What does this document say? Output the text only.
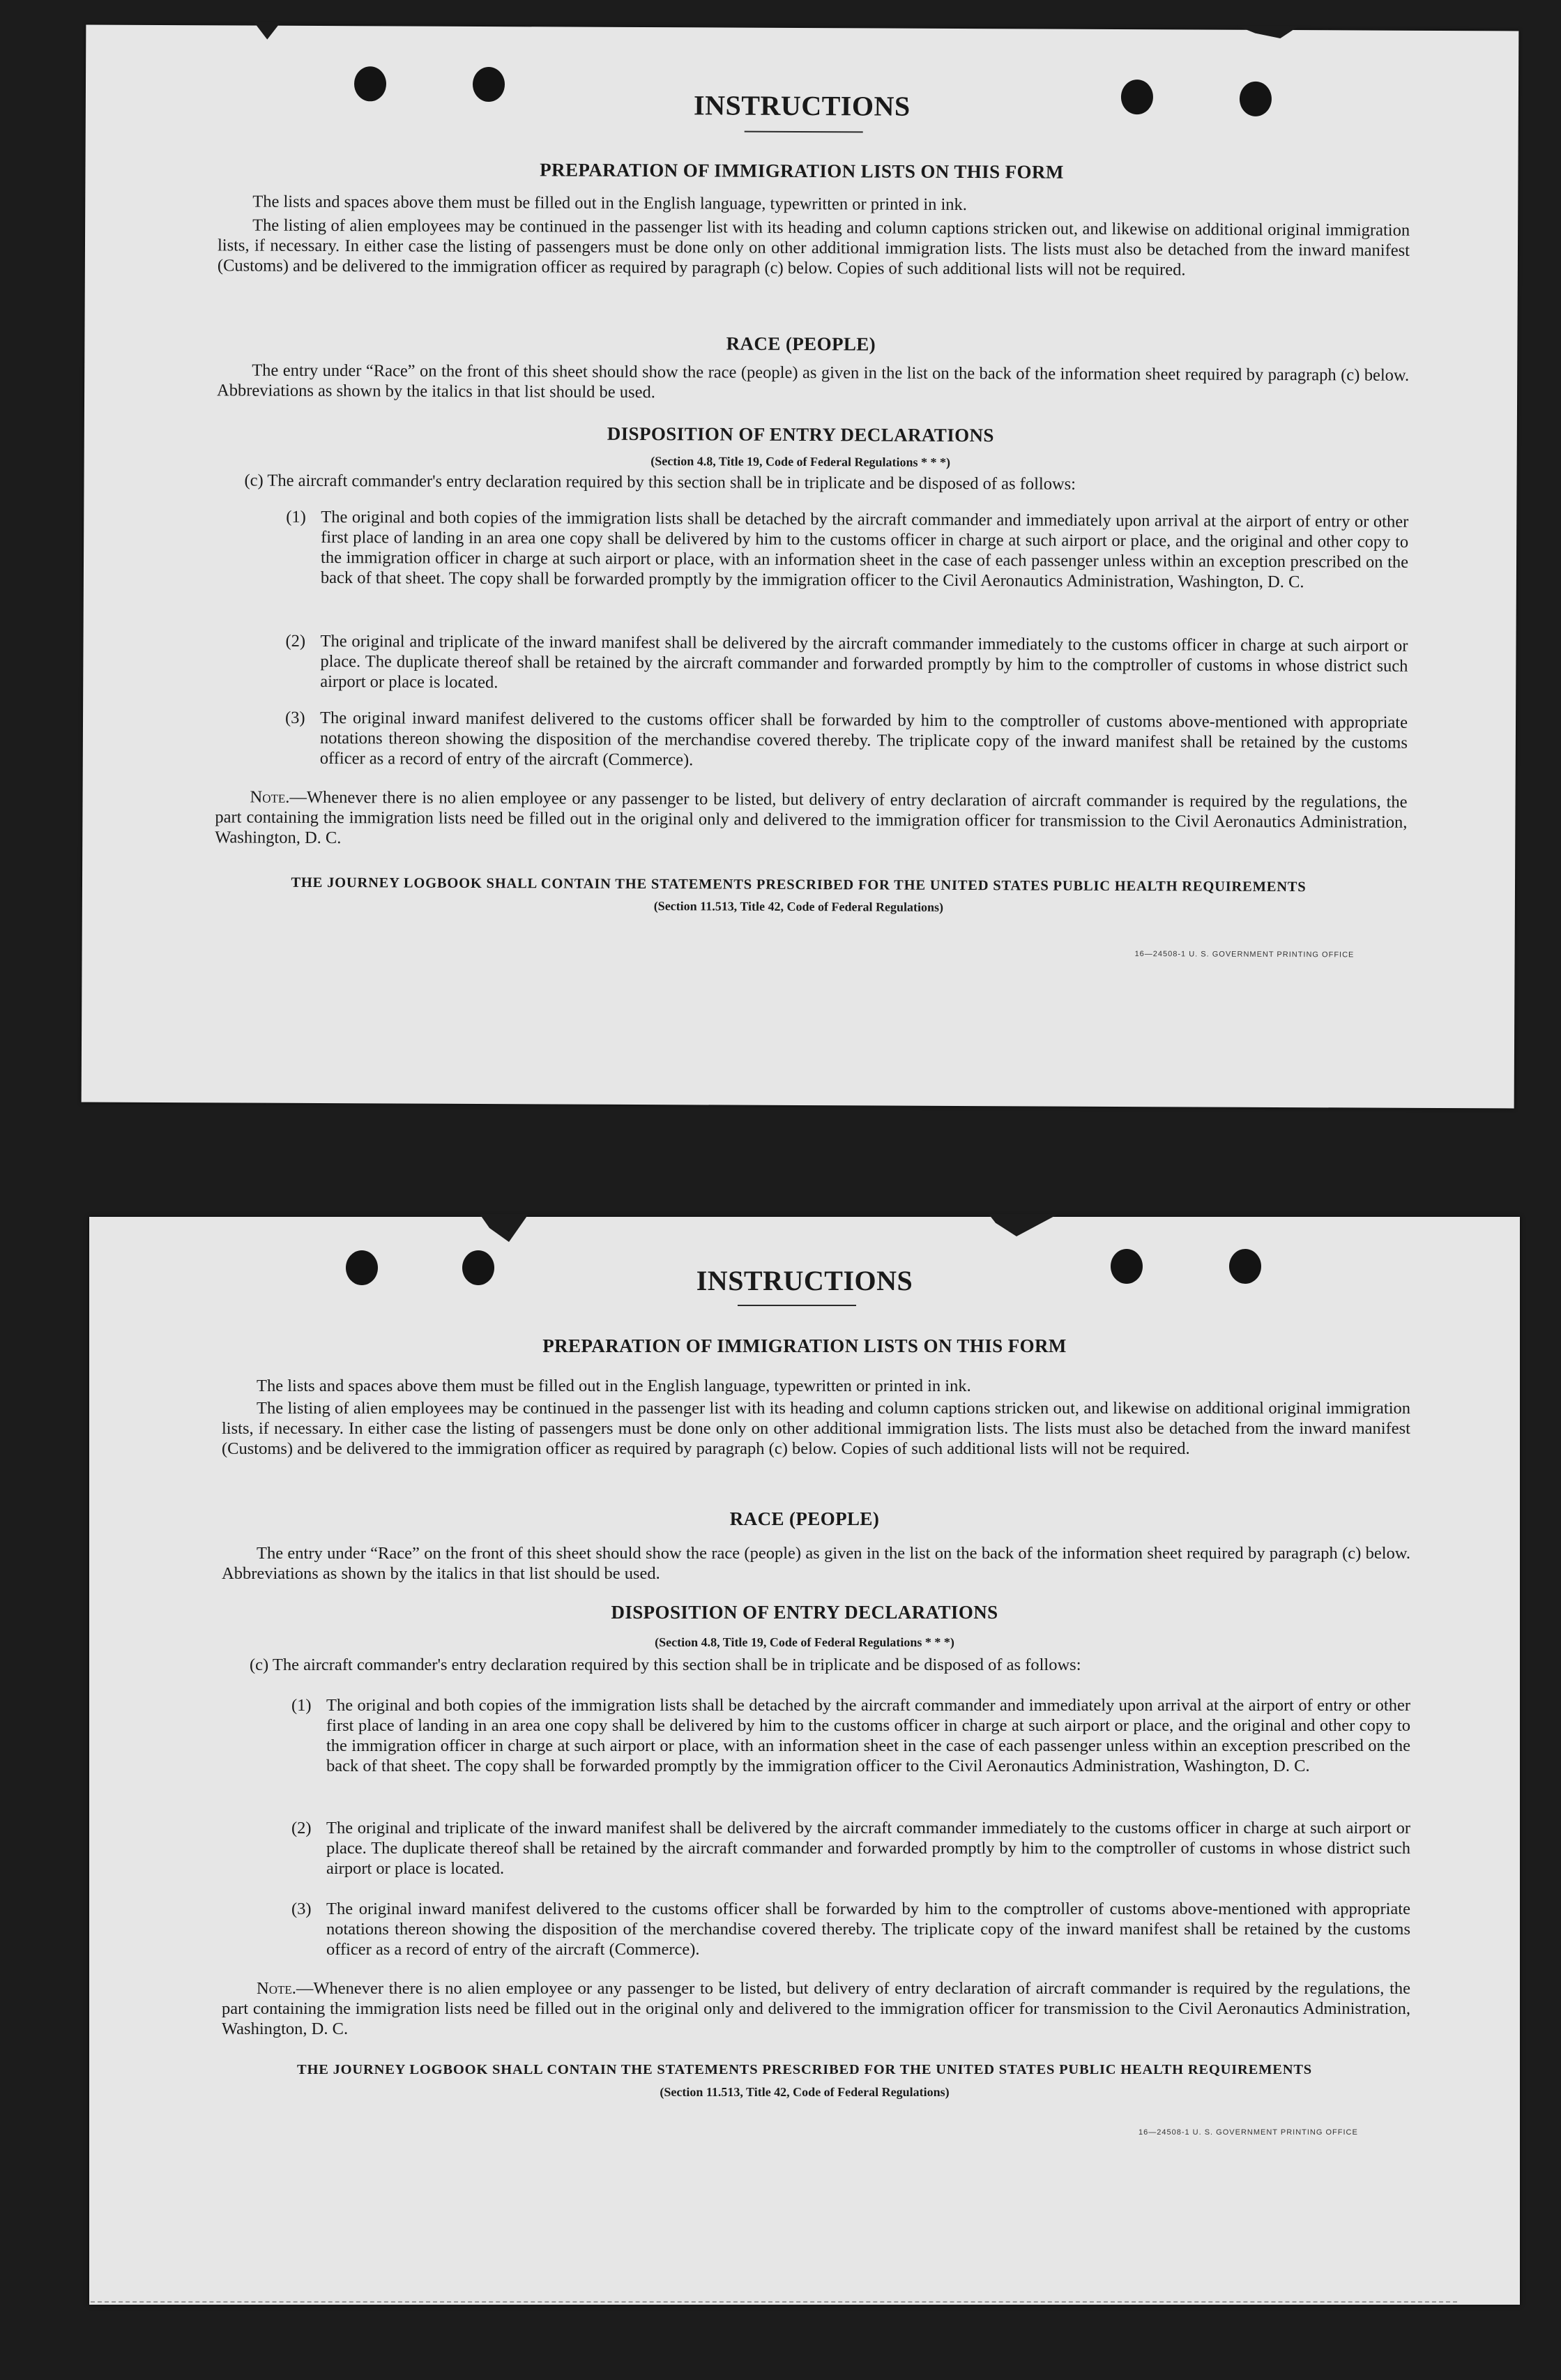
INSTRUCTIONS
PREPARATION OF IMMIGRATION LISTS ON THIS FORM
The lists and spaces above them must be filled out in the English language, typewritten or printed in ink.
The listing of alien employees may be continued in the passenger list with its heading and column captions stricken out, and likewise on additional original immigration lists, if necessary. In either case the listing of passengers must be done only on other additional immigration lists. The lists must also be detached from the inward manifest (Customs) and be delivered to the immigration officer as required by paragraph (c) below. Copies of such additional lists will not be required.
RACE (PEOPLE)
The entry under “Race” on the front of this sheet should show the race (people) as given in the list on the back of the information sheet required by paragraph (c) below. Abbreviations as shown by the italics in that list should be used.
DISPOSITION OF ENTRY DECLARATIONS
(Section 4.8, Title 19, Code of Federal Regulations * * *)
(c) The aircraft commander's entry declaration required by this section shall be in triplicate and be disposed of as follows:
(1) The original and both copies of the immigration lists shall be detached by the aircraft commander and immediately upon arrival at the airport of entry or other first place of landing in an area one copy shall be delivered by him to the customs officer in charge at such airport or place, and the original and other copy to the immigration officer in charge at such airport or place, with an information sheet in the case of each passenger unless within an exception prescribed on the back of that sheet. The copy shall be forwarded promptly by the immigration officer to the Civil Aeronautics Administration, Washington, D. C.
(2) The original and triplicate of the inward manifest shall be delivered by the aircraft commander immediately to the customs officer in charge at such airport or place. The duplicate thereof shall be retained by the aircraft commander and forwarded promptly by him to the comptroller of customs in whose district such airport or place is located.
(3) The original inward manifest delivered to the customs officer shall be forwarded by him to the comptroller of customs above-mentioned with appropriate notations thereon showing the disposition of the merchandise covered thereby. The triplicate copy of the inward manifest shall be retained by the customs officer as a record of entry of the aircraft (Commerce).
Note.—Whenever there is no alien employee or any passenger to be listed, but delivery of entry declaration of aircraft commander is required by the regulations, the part containing the immigration lists need be filled out in the original only and delivered to the immigration officer for transmission to the Civil Aeronautics Administration, Washington, D. C.
THE JOURNEY LOGBOOK SHALL CONTAIN THE STATEMENTS PRESCRIBED FOR THE UNITED STATES PUBLIC HEALTH REQUIREMENTS
(Section 11.513, Title 42, Code of Federal Regulations)
16—24508-1 U. S. GOVERNMENT PRINTING OFFICE
INSTRUCTIONS
PREPARATION OF IMMIGRATION LISTS ON THIS FORM
The lists and spaces above them must be filled out in the English language, typewritten or printed in ink.
The listing of alien employees may be continued in the passenger list with its heading and column captions stricken out, and likewise on additional original immigration lists, if necessary. In either case the listing of passengers must be done only on other additional immigration lists. The lists must also be detached from the inward manifest (Customs) and be delivered to the immigration officer as required by paragraph (c) below. Copies of such additional lists will not be required.
RACE (PEOPLE)
The entry under “Race” on the front of this sheet should show the race (people) as given in the list on the back of the information sheet required by paragraph (c) below. Abbreviations as shown by the italics in that list should be used.
DISPOSITION OF ENTRY DECLARATIONS
(Section 4.8, Title 19, Code of Federal Regulations * * *)
(c) The aircraft commander's entry declaration required by this section shall be in triplicate and be disposed of as follows:
(1) The original and both copies of the immigration lists shall be detached by the aircraft commander and immediately upon arrival at the airport of entry or other first place of landing in an area one copy shall be delivered by him to the customs officer in charge at such airport or place, and the original and other copy to the immigration officer in charge at such airport or place, with an information sheet in the case of each passenger unless within an exception prescribed on the back of that sheet. The copy shall be forwarded promptly by the immigration officer to the Civil Aeronautics Administration, Washington, D. C.
(2) The original and triplicate of the inward manifest shall be delivered by the aircraft commander immediately to the customs officer in charge at such airport or place. The duplicate thereof shall be retained by the aircraft commander and forwarded promptly by him to the comptroller of customs in whose district such airport or place is located.
(3) The original inward manifest delivered to the customs officer shall be forwarded by him to the comptroller of customs above-mentioned with appropriate notations thereon showing the disposition of the merchandise covered thereby. The triplicate copy of the inward manifest shall be retained by the customs officer as a record of entry of the aircraft (Commerce).
Note.—Whenever there is no alien employee or any passenger to be listed, but delivery of entry declaration of aircraft commander is required by the regulations, the part containing the immigration lists need be filled out in the original only and delivered to the immigration officer for transmission to the Civil Aeronautics Administration, Washington, D. C.
THE JOURNEY LOGBOOK SHALL CONTAIN THE STATEMENTS PRESCRIBED FOR THE UNITED STATES PUBLIC HEALTH REQUIREMENTS
(Section 11.513, Title 42, Code of Federal Regulations)
16—24508-1 U. S. GOVERNMENT PRINTING OFFICE
